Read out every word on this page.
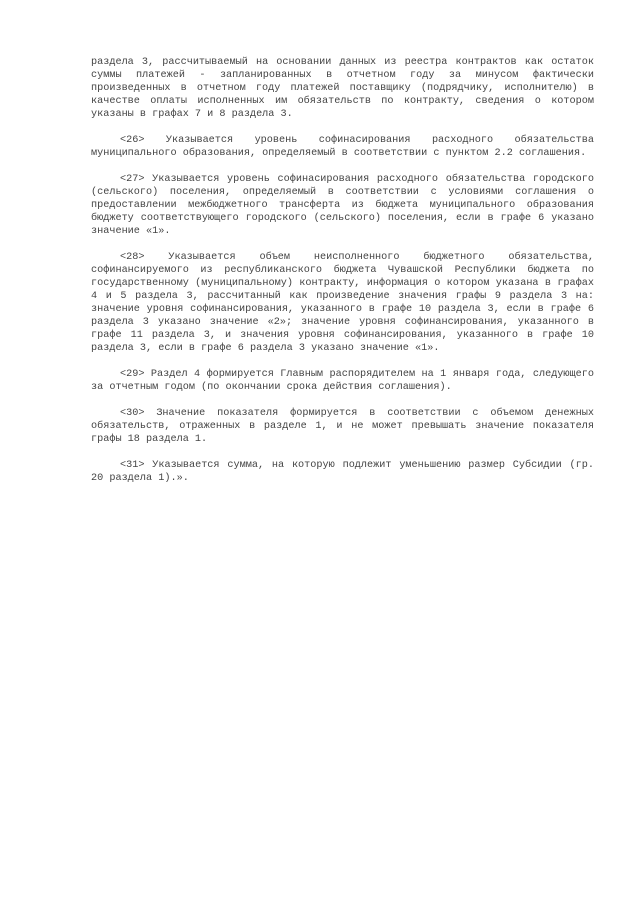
раздела 3, рассчитываемый на основании данных из реестра контрактов как остаток суммы платежей - запланированных в отчетном году за минусом фактически произведенных в отчетном году платежей поставщику (подрядчику, исполнителю) в качестве оплаты исполненных им обязательств по контракту, сведения о котором указаны в графах 7 и 8 раздела 3.

<26> Указывается уровень софинасирования расходного обязательства муниципального образования, определяемый в соответствии с пунктом 2.2 соглашения.

<27> Указывается уровень софинасирования расходного обязательства городского (сельского) поселения, определяемый в соответствии с условиями соглашения о предоставлении межбюджетного трансферта из бюджета муниципального образования бюджету соответствующего городского (сельского) поселения, если в графе 6 указано значение «1».

<28> Указывается объем неисполненного бюджетного обязательства, софинансируемого из республиканского бюджета Чувашской Республики бюджета по государственному (муниципальному) контракту, информация о котором указана в графах 4 и 5 раздела 3, рассчитанный как произведение значения графы 9 раздела 3 на: значение уровня софинансирования, указанного в графе 10 раздела 3, если в графе 6 раздела 3 указано значение «2»; значение уровня софинансирования, указанного в графе 11 раздела 3, и значения уровня софинансирования, указанного в графе 10 раздела 3, если в графе 6 раздела 3 указано значение «1».

<29> Раздел 4 формируется Главным распорядителем на 1 января года, следующего за отчетным годом (по окончании срока действия соглашения).

<30> Значение показателя формируется в соответствии с объемом денежных обязательств, отраженных в разделе 1, и не может превышать значение показателя графы 18 раздела 1.

<31> Указывается сумма, на которую подлежит уменьшению размер Субсидии (гр. 20 раздела 1).».
